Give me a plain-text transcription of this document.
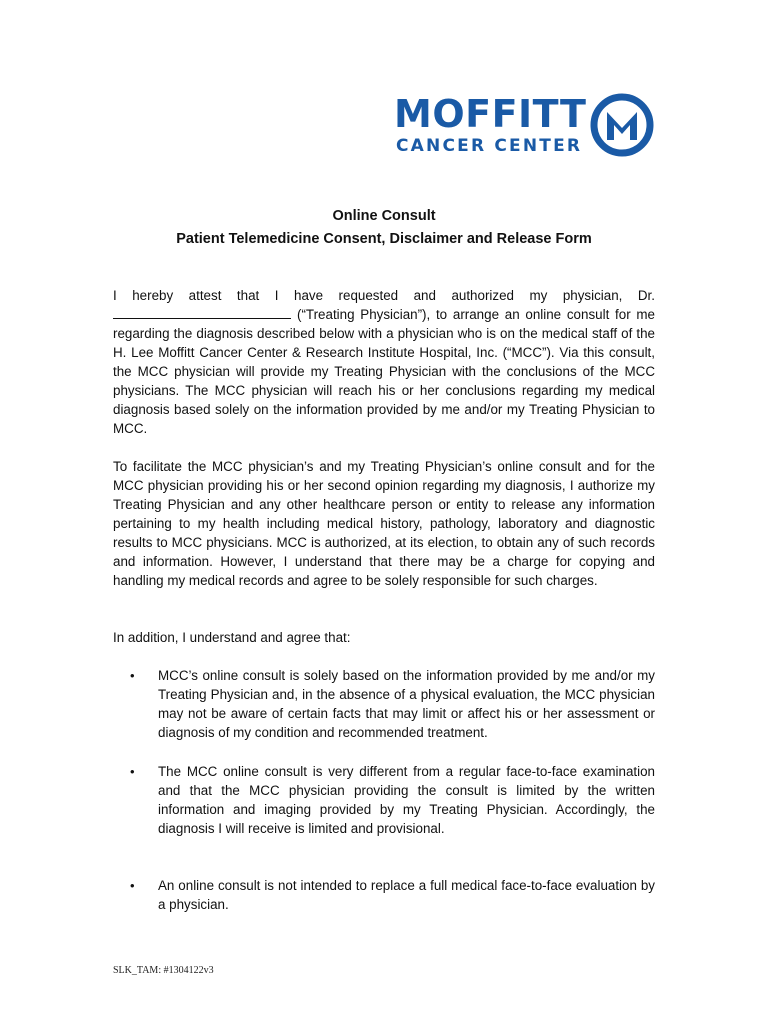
MOFFITT
CANCER CENTER
Online Consult
Patient Telemedicine Consent, Disclaimer and Release Form

I hereby attest that I have requested and authorized my physician, Dr. (“Treating Physician”), to arrange an online consult for me regarding the diagnosis described below with a physician who is on the medical staff of the H. Lee Moffitt Cancer Center & Research Institute Hospital, Inc. (“MCC”). Via this consult, the MCC physician will provide my Treating Physician with the conclusions of the MCC physicians. The MCC physician will reach his or her conclusions regarding my medical diagnosis based solely on the information provided by me and/or my Treating Physician to MCC.

To facilitate the MCC physician’s and my Treating Physician’s online consult and for the MCC physician providing his or her second opinion regarding my diagnosis, I authorize my Treating Physician and any other healthcare person or entity to release any information pertaining to my health including medical history, pathology, laboratory and diagnostic results to MCC physicians. MCC is authorized, at its election, to obtain any of such records and information. However, I understand that there may be a charge for copying and handling my medical records and agree to be solely responsible for such charges.

In addition, I understand and agree that:

• MCC’s online consult is solely based on the information provided by me and/or my Treating Physician and, in the absence of a physical evaluation, the MCC physician may not be aware of certain facts that may limit or affect his or her assessment or diagnosis of my condition and recommended treatment.
• The MCC online consult is very different from a regular face-to-face examination and that the MCC physician providing the consult is limited by the written information and imaging provided by my Treating Physician. Accordingly, the diagnosis I will receive is limited and provisional.
• An online consult is not intended to replace a full medical face-to-face evaluation by a physician.
SLK_TAM: #1304122v3
